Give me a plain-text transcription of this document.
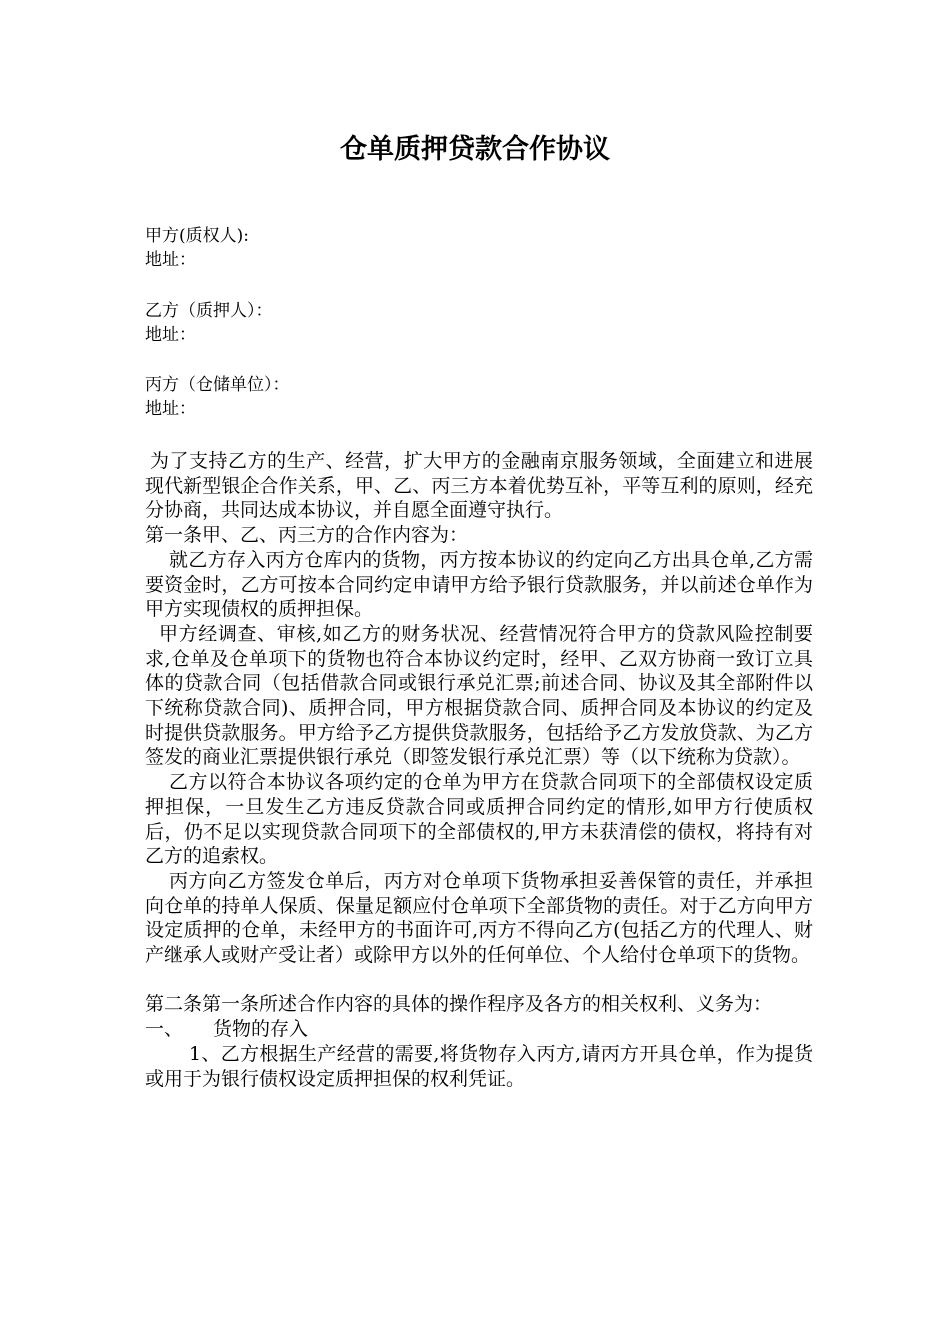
仓单质押贷款合作协议
甲方(质权人):
地址：
乙方（质押人）：
地址：
丙方（仓储单位）：
地址：

为了支持乙方的生产、经营，扩大甲方的金融南京服务领域，全面建立和进展现代新型银企合作关系，甲、乙、丙三方本着优势互补，平等互利的原则，经充分协商，共同达成本协议，并自愿全面遵守执行。

第一条甲、乙、丙三方的合作内容为：

就乙方存入丙方仓库内的货物，丙方按本协议的约定向乙方出具仓单,乙方需要资金时，乙方可按本合同约定申请甲方给予银行贷款服务，并以前述仓单作为甲方实现债权的质押担保。

甲方经调查、审核,如乙方的财务状况、经营情况符合甲方的贷款风险控制要求,仓单及仓单项下的货物也符合本协议约定时，经甲、乙双方协商一致订立具体的贷款合同（包括借款合同或银行承兑汇票;前述合同、协议及其全部附件以下统称贷款合同)、质押合同，甲方根据贷款合同、质押合同及本协议的约定及时提供贷款服务。甲方给予乙方提供贷款服务，包括给予乙方发放贷款、为乙方签发的商业汇票提供银行承兑（即签发银行承兑汇票）等（以下统称为贷款）。

乙方以符合本协议各项约定的仓单为甲方在贷款合同项下的全部债权设定质押担保，一旦发生乙方违反贷款合同或质押合同约定的情形,如甲方行使质权后，仍不足以实现贷款合同项下的全部债权的,甲方未获清偿的债权，将持有对乙方的追索权。

丙方向乙方签发仓单后，丙方对仓单项下货物承担妥善保管的责任，并承担向仓单的持单人保质、保量足额应付仓单项下全部货物的责任。对于乙方向甲方设定质押的仓单，未经甲方的书面许可,丙方不得向乙方(包括乙方的代理人、财产继承人或财产受让者）或除甲方以外的任何单位、个人给付仓单项下的货物。

第二条第一条所述合作内容的具体的操作程序及各方的相关权利、义务为：

一、	货物的存入

1、乙方根据生产经营的需要,将货物存入丙方,请丙方开具仓单，作为提货或用于为银行债权设定质押担保的权利凭证。
